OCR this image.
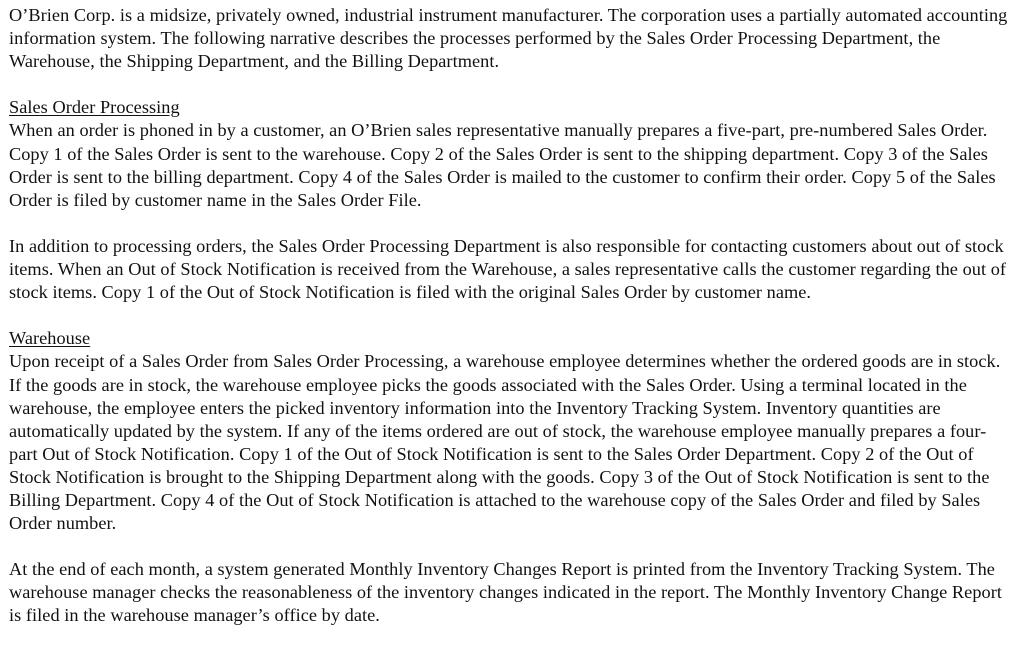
O’Brien Corp. is a midsize, privately owned, industrial instrument manufacturer. The corporation uses a partially automated accounting information system. The following narrative describes the processes performed by the Sales Order Processing Department, the Warehouse, the Shipping Department, and the Billing Department.

Sales Order Processing

When an order is phoned in by a customer, an O’Brien sales representative manually prepares a five-part, pre-numbered Sales Order. Copy 1 of the Sales Order is sent to the warehouse. Copy 2 of the Sales Order is sent to the shipping department. Copy 3 of the Sales Order is sent to the billing department. Copy 4 of the Sales Order is mailed to the customer to confirm their order. Copy 5 of the Sales Order is filed by customer name in the Sales Order File.

In addition to processing orders, the Sales Order Processing Department is also responsible for contacting customers about out of stock items. When an Out of Stock Notification is received from the Warehouse, a sales representative calls the customer regarding the out of stock items. Copy 1 of the Out of Stock Notification is filed with the original Sales Order by customer name.

Warehouse

Upon receipt of a Sales Order from Sales Order Processing, a warehouse employee determines whether the ordered goods are in stock. If the goods are in stock, the warehouse employee picks the goods associated with the Sales Order. Using a terminal located in the warehouse, the employee enters the picked inventory information into the Inventory Tracking System. Inventory quantities are automatically updated by the system. If any of the items ordered are out of stock, the warehouse employee manually prepares a four-part Out of Stock Notification. Copy 1 of the Out of Stock Notification is sent to the Sales Order Department. Copy 2 of the Out of Stock Notification is brought to the Shipping Department along with the goods. Copy 3 of the Out of Stock Notification is sent to the Billing Department. Copy 4 of the Out of Stock Notification is attached to the warehouse copy of the Sales Order and filed by Sales Order number.

At the end of each month, a system generated Monthly Inventory Changes Report is printed from the Inventory Tracking System. The warehouse manager checks the reasonableness of the inventory changes indicated in the report. The Monthly Inventory Change Report is filed in the warehouse manager’s office by date.
